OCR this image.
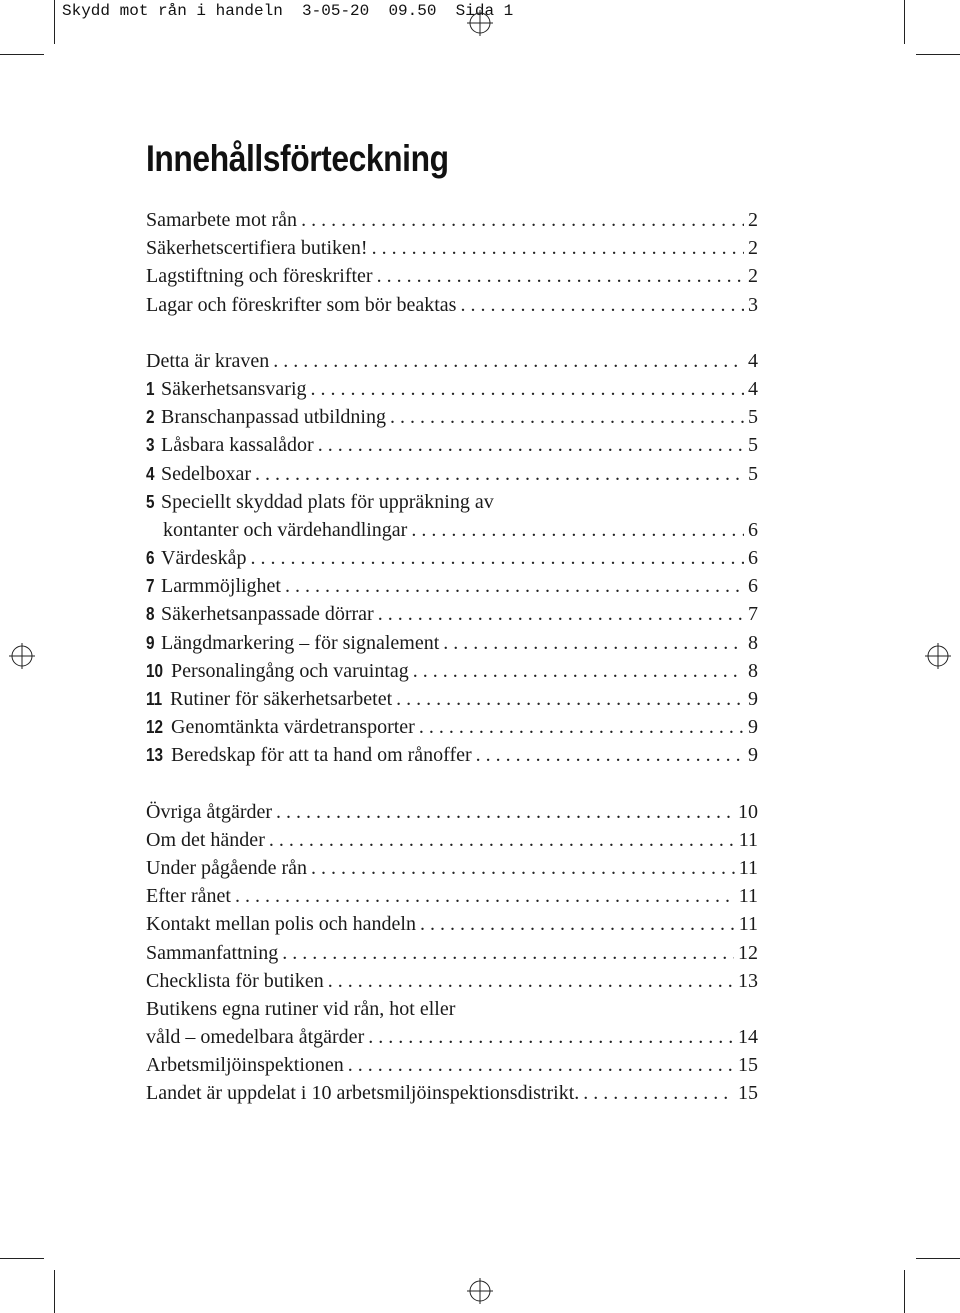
Skydd mot rån i handeln  3-05-20  09.50  Sida 1
Innehållsförteckning
Samarbete mot rån . . .	2
Säkerhetscertifiera butiken! . . .	2
Lagstiftning och föreskrifter . . .	2
Lagar och föreskrifter som bör beaktas . . .	3
Detta är kraven . . .	4
1 Säkerhetsansvarig . . .	4
2 Branschanpassad utbildning . . .	5
3 Låsbara kassalådor . . .	5
4 Sedelboxar . . .	5
5 Speciellt skyddad plats för uppräkning av
kontanter och värdehandlingar . . .	6
6 Värdeskåp . . .	6
7 Larmmöjlighet . . .	6
8 Säkerhetsanpassade dörrar . . .	7
9 Längdmarkering – för signalement . . .	8
10 Personalingång och varuintag . . .	8
11 Rutiner för säkerhetsarbetet . . .	9
12 Genomtänkta värdetransporter . . .	9
13 Beredskap för att ta hand om rånoffer . . .	9
Övriga åtgärder . . .	10
Om det händer . . .	11
Under pågående rån . . .	11
Efter rånet . . .	11
Kontakt mellan polis och handeln . . .	11
Sammanfattning . . .	12
Checklista för butiken . . .	13
Butikens egna rutiner vid rån, hot eller
våld – omedelbara åtgärder . . .	14
Arbetsmiljöinspektionen . . .	15
Landet är uppdelat i 10 arbetsmiljöinspektionsdistrikt. . . .	15
